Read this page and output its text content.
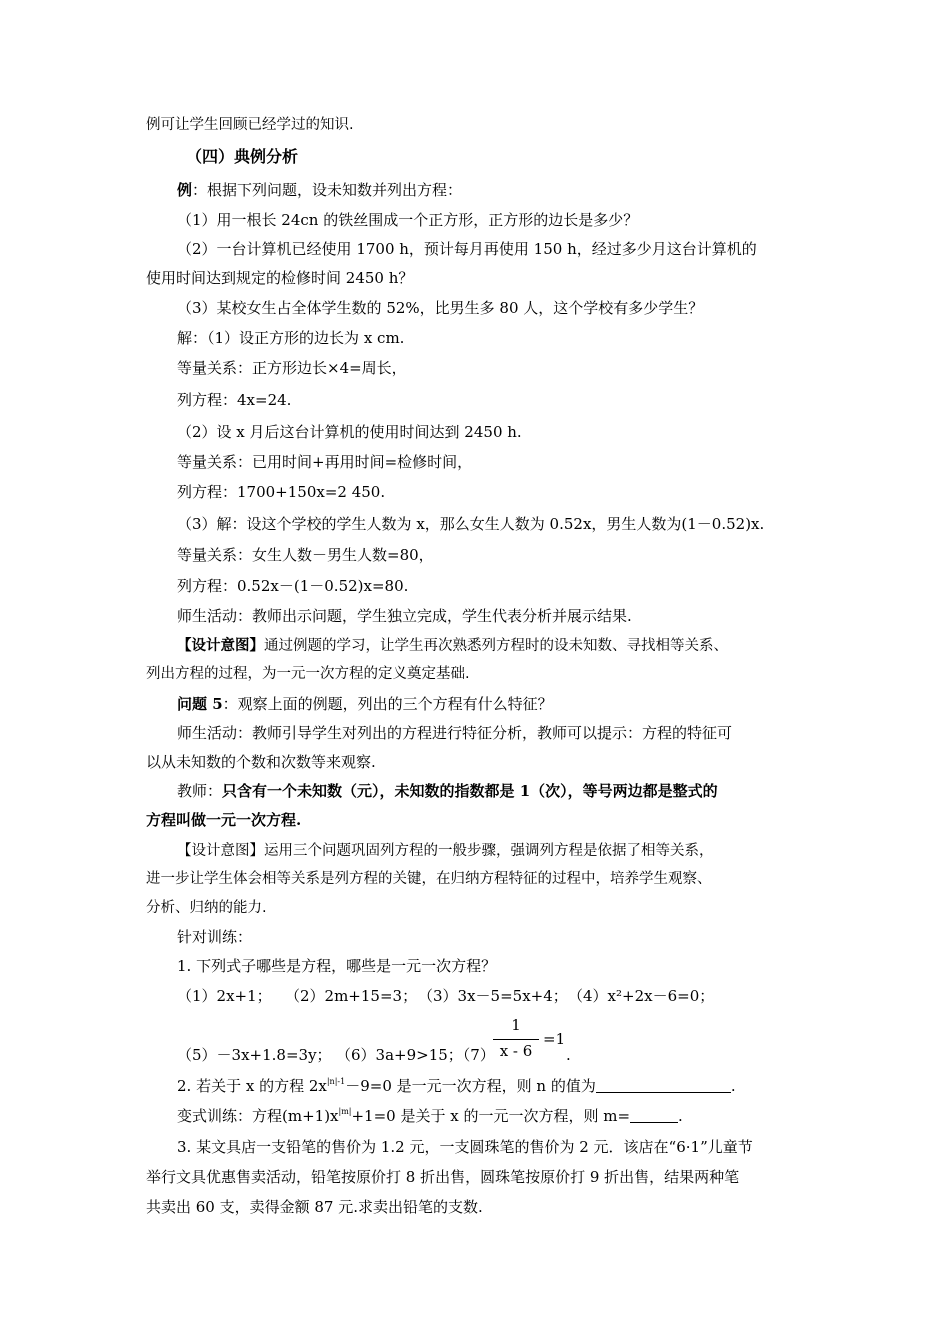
例可让学生回顾已经学过的知识.
（四）典例分析
例：根据下列问题，设未知数并列出方程：
（1）用一根长 24cn 的铁丝围成一个正方形，正方形的边长是多少？
（2）一台计算机已经使用 1700 h，预计每月再使用 150 h，经过多少月这台计算机的
使用时间达到规定的检修时间 2450 h？
（3）某校女生占全体学生数的 52%，比男生多 80 人，这个学校有多少学生？
解：（1）设正方形的边长为 x cm.
等量关系：正方形边长×4=周长，
列方程：4x=24.
（2）设 x 月后这台计算机的使用时间达到 2450 h.
等量关系：已用时间+再用时间=检修时间，
列方程：1700+150x=2 450.
（3）解：设这个学校的学生人数为 x，那么女生人数为 0.52x，男生人数为(1－0.52)x.
等量关系：女生人数－男生人数=80，
列方程：0.52x－(1－0.52)x=80.
师生活动：教师出示问题，学生独立完成，学生代表分析并展示结果.
【设计意图】通过例题的学习，让学生再次熟悉列方程时的设未知数、寻找相等关系、
列出方程的过程，为一元一次方程的定义奠定基础.
问题 5：观察上面的例题，列出的三个方程有什么特征？
师生活动：教师引导学生对列出的方程进行特征分析，教师可以提示：方程的特征可
以从未知数的个数和次数等来观察.
教师：只含有一个未知数（元），未知数的指数都是 1（次），等号两边都是整式的
方程叫做一元一次方程.
【设计意图】运用三个问题巩固列方程的一般步骤，强调列方程是依据了相等关系，
进一步让学生体会相等关系是列方程的关键，在归纳方程特征的过程中，培养学生观察、
分析、归纳的能力.
针对训练：
1. 下列式子哪些是方程，哪些是一元一次方程？
（1）2x+1； （2）2m+15=3； （3）3x－5=5x+4； （4）x²+2x－6=0；
（5）－3x+1.8=3y； （6）3a+9>15；（7）
1
x - 6
=1
.
2. 若关于 x 的方程 $2x^{|n|-1}-9=0$ 是一元一次方程，则 n 的值为	.
变式训练：方程$(m+1)x^{|m|}+1=0$ 是关于 x 的一元一次方程，则 m=	.
3. 某文具店一支铅笔的售价为 1.2 元，一支圆珠笔的售价为 2 元．该店在“6·1”儿童节
举行文具优惠售卖活动，铅笔按原价打 8 折出售，圆珠笔按原价打 9 折出售，结果两种笔
共卖出 60 支，卖得金额 87 元.求卖出铅笔的支数.
